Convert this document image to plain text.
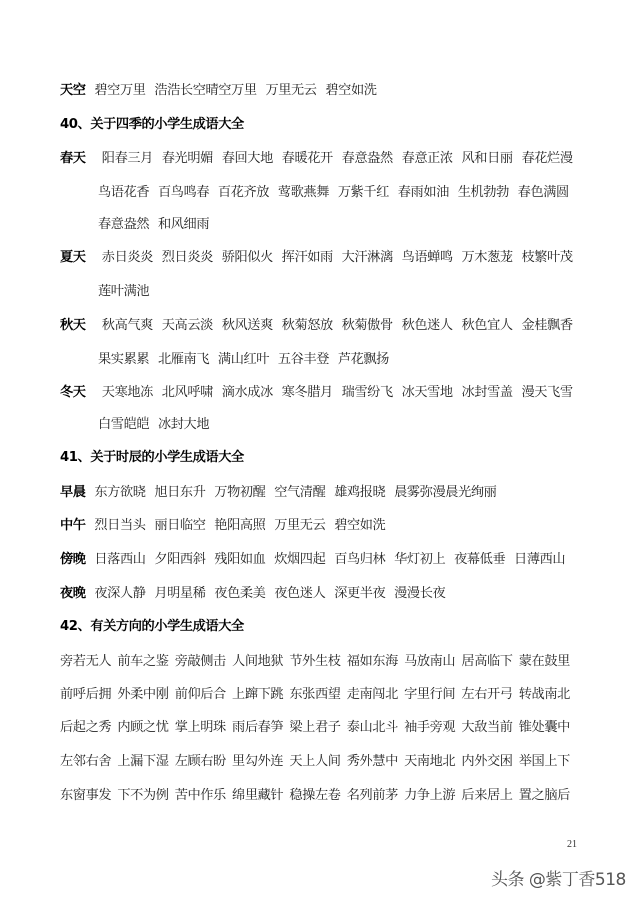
天空 碧空万里 浩浩长空晴空万里 万里无云 碧空如洗
40、关于四季的小学生成语大全
春天 阳春三月 春光明媚 春回大地 春暖花开 春意盎然 春意正浓 风和日丽 春花烂漫
鸟语花香 百鸟鸣春 百花齐放 莺歌燕舞 万紫千红 春雨如油 生机勃勃 春色满圆
春意盎然 和风细雨
夏天 赤日炎炎 烈日炎炎 骄阳似火 挥汗如雨 大汗淋漓 鸟语蝉鸣 万木葱茏 枝繁叶茂
莲叶满池
秋天 秋高气爽 天高云淡 秋风送爽 秋菊怒放 秋菊傲骨 秋色迷人 秋色宜人 金桂飘香
果实累累 北雁南飞 满山红叶 五谷丰登 芦花飘扬
冬天 天寒地冻 北风呼啸 滴水成冰 寒冬腊月 瑞雪纷飞 冰天雪地 冰封雪盖 漫天飞雪
白雪皑皑 冰封大地
41、关于时辰的小学生成语大全
早晨 东方欲晓 旭日东升 万物初醒 空气清醒 雄鸡报晓 晨雾弥漫晨光绚丽
中午 烈日当头 丽日临空 艳阳高照 万里无云 碧空如洗
傍晚 日落西山 夕阳西斜 残阳如血 炊烟四起 百鸟归林 华灯初上 夜幕低垂 日薄西山
夜晚 夜深人静 月明星稀 夜色柔美 夜色迷人 深更半夜 漫漫长夜
42、有关方向的小学生成语大全
旁若无人 前车之鉴 旁敲侧击 人间地狱 节外生枝 福如东海 马放南山 居高临下 蒙在鼓里
前呼后拥 外柔中刚 前仰后合 上蹿下跳 东张西望 走南闯北 字里行间 左右开弓 转战南北
后起之秀 内顾之忧 掌上明珠 雨后春笋 梁上君子 泰山北斗 袖手旁观 大敌当前 锥处囊中
左邻右舍 上漏下湿 左顾右盼 里勾外连 天上人间 秀外慧中 天南地北 内外交困 举国上下
东窗事发 下不为例 苦中作乐 绵里藏针 稳操左卷 名列前茅 力争上游 后来居上 置之脑后
21
头条 @紫丁香518
